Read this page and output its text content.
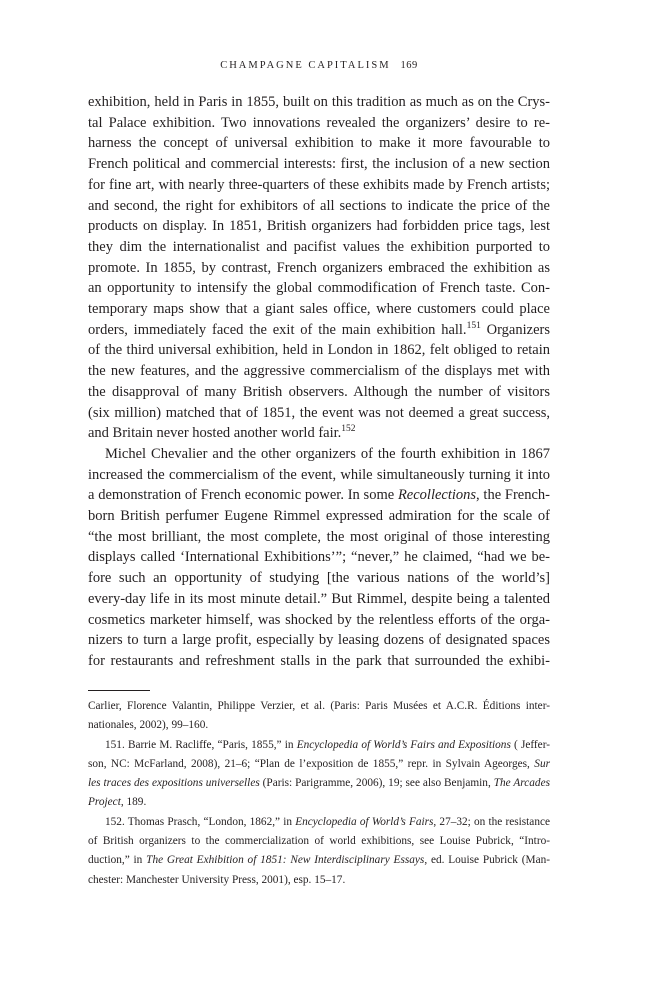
CHAMPAGNE CAPITALISM 169
exhibition, held in Paris in 1855, built on this tradition as much as on the Crys-
tal Palace exhibition. Two innovations revealed the organizers’ desire to re-
harness the concept of universal exhibition to make it more favourable to
French political and commercial interests: first, the inclusion of a new section
for fine art, with nearly three-quarters of these exhibits made by French artists;
and second, the right for exhibitors of all sections to indicate the price of the
products on display. In 1851, British organizers had forbidden price tags, lest
they dim the internationalist and pacifist values the exhibition purported to
promote. In 1855, by contrast, French organizers embraced the exhibition as
an opportunity to intensify the global commodification of French taste. Con-
temporary maps show that a giant sales office, where customers could place
orders, immediately faced the exit of the main exhibition hall.$^{151}$ Organizers
of the third universal exhibition, held in London in 1862, felt obliged to retain
the new features, and the aggressive commercialism of the displays met with
the disapproval of many British observers. Although the number of visitors
(six million) matched that of 1851, the event was not deemed a great success,
and Britain never hosted another world fair.$^{152}$
Michel Chevalier and the other organizers of the fourth exhibition in 1867
increased the commercialism of the event, while simultaneously turning it into
a demonstration of French economic power. In some Recollections, the French-
born British perfumer Eugene Rimmel expressed admiration for the scale of
“the most brilliant, the most complete, the most original of those interesting
displays called ‘International Exhibitions’”; “never,” he claimed, “had we be-
fore such an opportunity of studying [the various nations of the world’s]
every-day life in its most minute detail.” But Rimmel, despite being a talented
cosmetics marketer himself, was shocked by the relentless efforts of the orga-
nizers to turn a large profit, especially by leasing dozens of designated spaces
for restaurants and refreshment stalls in the park that surrounded the exhibi-
Carlier, Florence Valantin, Philippe Verzier, et al. (Paris: Paris Musées et A.C.R. Éditions inter-
nationales, 2002), 99–160.
151. Barrie M. Racliffe, “Paris, 1855,” in Encyclopedia of World’s Fairs and Expositions ( Jeffer-
son, NC: McFarland, 2008), 21–6; “Plan de l’exposition de 1855,” repr. in Sylvain Ageorges, Sur
les traces des expositions universelles (Paris: Parigramme, 2006), 19; see also Benjamin, The Arcades
Project, 189.
152. Thomas Prasch, “London, 1862,” in Encyclopedia of World’s Fairs, 27–32; on the resistance
of British organizers to the commercialization of world exhibitions, see Louise Pubrick, “Intro-
duction,” in The Great Exhibition of 1851: New Interdisciplinary Essays, ed. Louise Pubrick (Man-
chester: Manchester University Press, 2001), esp. 15–17.
